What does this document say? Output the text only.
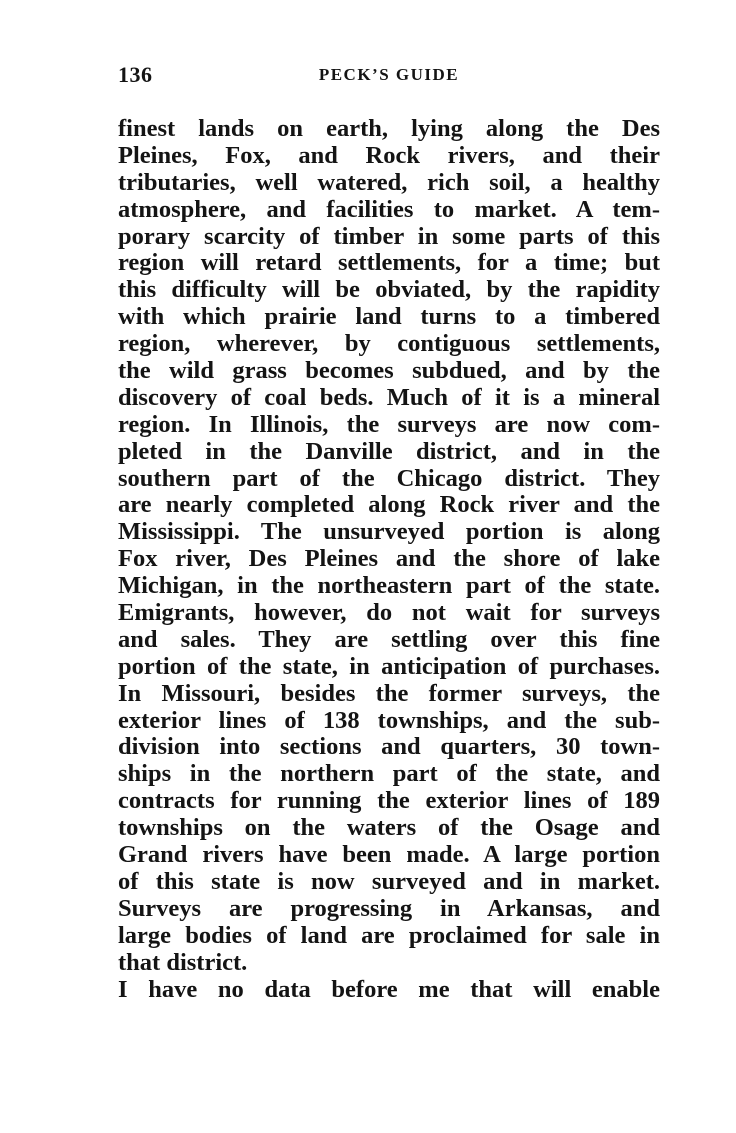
136	PECK’S GUIDE
finest lands on earth, lying along the Des
Pleines, Fox, and Rock rivers, and their
tributaries, well watered, rich soil, a healthy
atmosphere, and facilities to market. A tem-
porary scarcity of timber in some parts of this
region will retard settlements, for a time; but
this difficulty will be obviated, by the rapidity
with which prairie land turns to a timbered
region, wherever, by contiguous settlements,
the wild grass becomes subdued, and by the
discovery of coal beds. Much of it is a mineral
region. In Illinois, the surveys are now com-
pleted in the Danville district, and in the
southern part of the Chicago district. They
are nearly completed along Rock river and the
Mississippi. The unsurveyed portion is along
Fox river, Des Pleines and the shore of lake
Michigan, in the northeastern part of the state.
Emigrants, however, do not wait for surveys
and sales. They are settling over this fine
portion of the state, in anticipation of purchases.
In Missouri, besides the former surveys, the
exterior lines of 138 townships, and the sub-
division into sections and quarters, 30 town-
ships in the northern part of the state, and
contracts for running the exterior lines of 189
townships on the waters of the Osage and
Grand rivers have been made. A large portion
of this state is now surveyed and in market.
Surveys are progressing in Arkansas, and
large bodies of land are proclaimed for sale in
that district.
I have no data before me that will enable
